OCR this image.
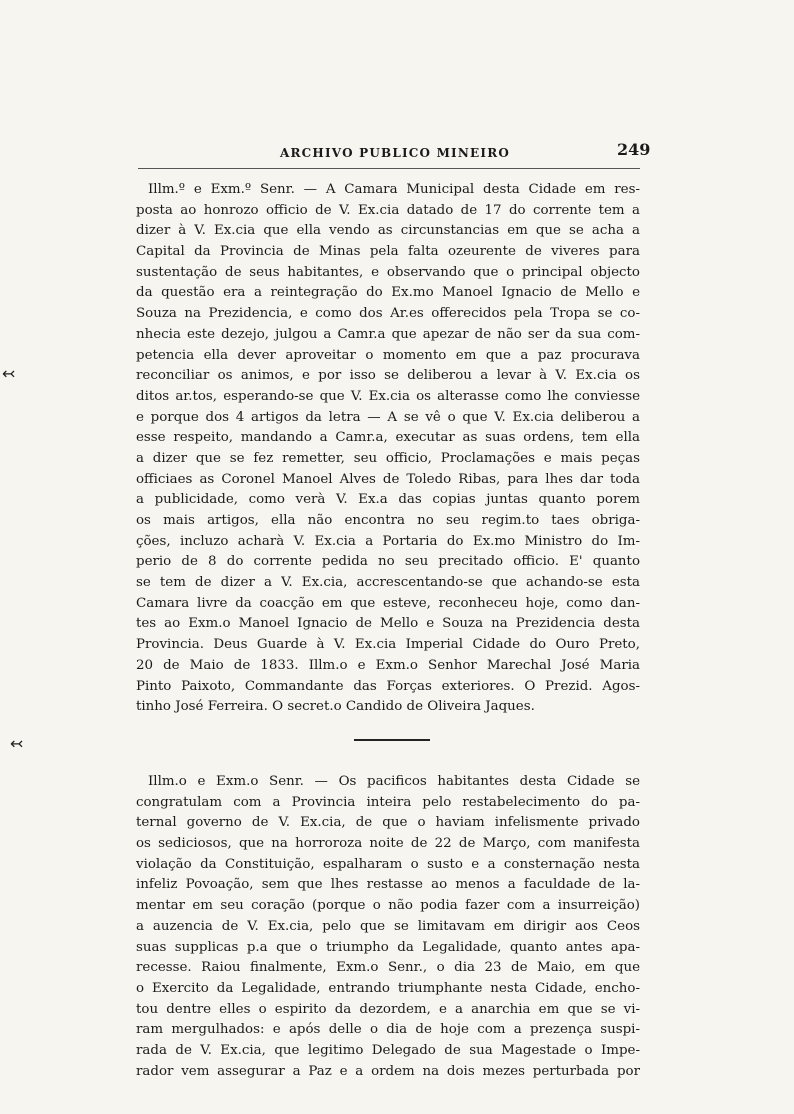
ARCHIVO PUBLICO MINEIRO	249
↢
↢
Illm.º e Exm.º Senr. — A Camara Municipal desta Cidade em res-
posta ao honrozo officio de V. Ex.cia datado de 17 do corrente tem a
dizer à V. Ex.cia que ella vendo as circunstancias em que se acha a
Capital da Provincia de Minas pela falta ozeurente de viveres para
sustentação de seus habitantes, e observando que o principal objecto
da questão era a reintegração do Ex.mo Manoel Ignacio de Mello e
Souza na Prezidencia, e como dos Ar.es offerecidos pela Tropa se co-
nhecia este dezejo, julgou a Camr.a que apezar de não ser da sua com-
petencia ella dever aproveitar o momento em que a paz procurava
reconciliar os animos, e por isso se deliberou a levar à V. Ex.cia os
ditos ar.tos, esperando-se que V. Ex.cia os alterasse como lhe conviesse
e porque dos 4 artigos da letra — A se vê o que V. Ex.cia deliberou a
esse respeito, mandando a Camr.a, executar as suas ordens, tem ella
a dizer que se fez remetter, seu officio, Proclamações e mais peças
officiaes as Coronel Manoel Alves de Toledo Ribas, para lhes dar toda
a publicidade, como verà V. Ex.a das copias juntas quanto porem
os mais artigos, ella não encontra no seu regim.to taes obriga-
ções, incluzo acharà V. Ex.cia a Portaria do Ex.mo Ministro do Im-
perio de 8 do corrente pedida no seu precitado officio. E' quanto
se tem de dizer a V. Ex.cia, accrescentando-se que achando-se esta
Camara livre da coacção em que esteve, reconheceu hoje, como dan-
tes ao Exm.o Manoel Ignacio de Mello e Souza na Prezidencia desta
Provincia. Deus Guarde à V. Ex.cia Imperial Cidade do Ouro Preto,
20 de Maio de 1833. Illm.o e Exm.o Senhor Marechal José Maria
Pinto Paixoto, Commandante das Forças exteriores. O Prezid. Agos-
tinho José Ferreira. O secret.o Candido de Oliveira Jaques.
Illm.o e Exm.o Senr. — Os pacificos habitantes desta Cidade se
congratulam com a Provincia inteira pelo restabelecimento do pa-
ternal governo de V. Ex.cia, de que o haviam infelismente privado
os sediciosos, que na horroroza noite de 22 de Março, com manifesta
violação da Constituição, espalharam o susto e a consternação nesta
infeliz Povoação, sem que lhes restasse ao menos a faculdade de la-
mentar em seu coração (porque o não podia fazer com a insurreição)
a auzencia de V. Ex.cia, pelo que se limitavam em dirigir aos Ceos
suas supplicas p.a que o triumpho da Legalidade, quanto antes apa-
recesse. Raiou finalmente, Exm.o Senr., o dia 23 de Maio, em que
o Exercito da Legalidade, entrando triumphante nesta Cidade, encho-
tou dentre elles o espirito da dezordem, e a anarchia em que se vi-
ram mergulhados: e após delle o dia de hoje com a prezença suspi-
rada de V. Ex.cia, que legitimo Delegado de sua Magestade o Impe-
rador vem assegurar a Paz e a ordem na dois mezes perturbada por
